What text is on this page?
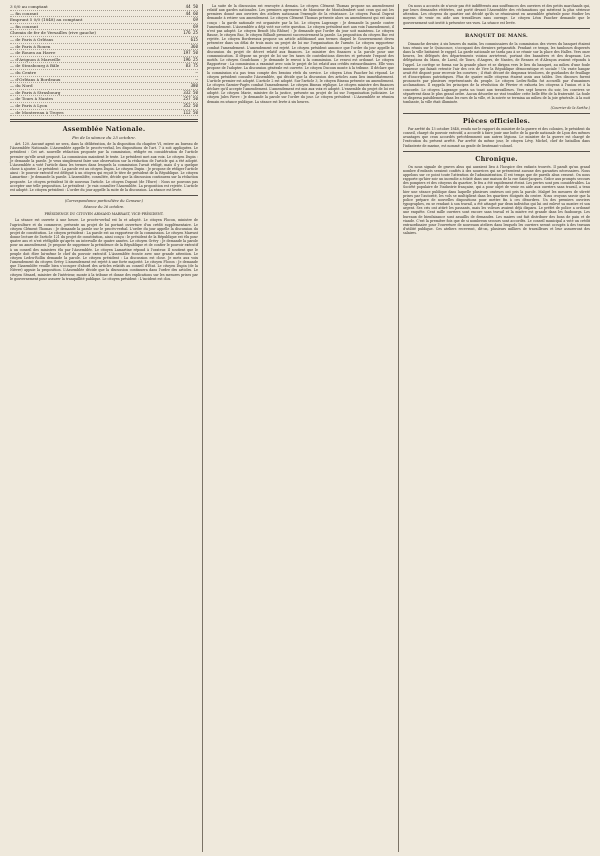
3 0/0 au comptant	44 50
— fin courant	44 60
Emprunt 5 0/0 (1848) au comptant	69
— fin courant	69
Chemin de fer de Versailles (rive gauche)	176 25
— de Paris à Orléans	615
— de Paris à Rouen	360
— de Rouen au Havre	197 50
— d'Avignon à Marseille	196 25
— de Strasbourg à Bâle	83 75
— du Centre	—
— d'Orléans à Bordeaux	—
— du Nord	380
— de Paris à Strasbourg	332 50
— de Tours à Nantes	257 50
— de Paris à Lyon	352 50
— de Montereau à Troyes	112 50
Assemblée Nationale.
Fin de la séance du 25 octobre.

Art. 120. Aucuné agent ne sera, dans la délibération, de la disposition du chapitre VI, entrer au bureau de l'Assemblée Nationale. L'Assemblée appelle le procès-verbal, les dispositions de l'art. 7 à soit appliquées. Le président : Cet art. nouvelle rédaction proposée par la commission, rédigée en considération de l'article premier qu'elle avait proposé. La commission maintient le texte. Le président met aux voix. Le citoyen Dupin : Je demande la parole. Je veux simplement faire une observation sur la rédaction de l'article qui a été adopté. L'Assemblée a voté l'article dans les termes dans lesquels la commission l'avait rédigé, mais il y a quelque chose à ajouter. Le président : La parole est au citoyen Dupin. Le citoyen Dupin : Je propose de rédiger l'article ainsi : le pouvoir exécutif est délégué à un citoyen qui reçoit le titre de président de la République. Le citoyen Lamartine : Je demande la parole. L'Assemblée, consultée, décide que la discussion continuera sur la rédaction proposée. Le citoyen président lit de nouveau l'article. Le citoyen Dupont (de l'Eure) : Nous ne pouvons pas accepter une telle proposition. Le président : Je vais consulter l'Assemblée. La proposition est rejetée. L'article est adopté. Le citoyen président : L'ordre du jour appelle la suite de la discussion. La séance est levée.

(Correspondance particulière du Censeur.)
Séance du 26 octobre.
PRÉSIDENCE DU CITOYEN ARMAND MARRAST, VICE-PRÉSIDENT.

La séance est ouverte à une heure. Le procès-verbal est lu et adopté. Le citoyen Flocon, ministre de l'agriculture et du commerce, présente un projet de loi portant ouverture d'un crédit supplémentaire. Le citoyen Clément Thomas : Je demande la parole sur le procès-verbal. L'ordre du jour appelle la discussion du projet de constitution. Le citoyen président : La parole est au rapporteur de la commission. Le citoyen Marrast donne lecture de l'article 121 du projet de constitution, ainsi conçu : le président de la République est élu pour quatre ans et n'est rééligible qu'après un intervalle de quatre années. Le citoyen Grévy : Je demande la parole pour un amendement. Je propose de supprimer la présidence de la République et de confier le pouvoir exécutif à un conseil des ministres élu par l'Assemblée. Le citoyen Lamartine répond à l'orateur. Il soutient que le peuple doit élire lui-même le chef du pouvoir exécutif. L'Assemblée écoute avec une grande attention. Le citoyen Ledru-Rollin demande la parole. Le citoyen président : La discussion est close. Je mets aux voix l'amendement du citoyen Grévy. L'amendement est rejeté à une forte majorité. Le citoyen Flocon : Je demande que l'Assemblée veuille bien s'occuper d'abord des articles relatifs au conseil d'État. Le citoyen Dupin (de la Nièvre) appuie la proposition. L'Assemblée décide que la discussion continuera dans l'ordre des articles. Le citoyen Sénard, ministre de l'intérieur, monte à la tribune et donne des explications sur les mesures prises par le gouvernement pour assurer la tranquillité publique. Le citoyen président : L'incident est clos.

La suite de la discussion est renvoyée à demain. Le citoyen Clément Thomas propose un amendement relatif aux gardes nationales. Les premiers agresseurs de Monsieur de Montalembert sont ceux qui ont les premiers donné aux ouvriers des ateliers nationaux l'exemple de la résistance. Le citoyen Pascal Duprat demande à retirer son amendement. Le citoyen Clément Thomas présente alors un amendement qui est ainsi conçu : la garde nationale est organisée par la loi. Le citoyen Lagrange : Je demande la parole contre l'amendement. L'Assemblée a déjà voté sur cette question. Le citoyen président met aux voix l'amendement, il n'est pas adopté. Le citoyen Benoît (du Rhône) : Je demande que l'ordre du jour soit maintenu. Le citoyen Baune, le citoyen Bac, le citoyen Billault prennent successivement la parole. La proposition du citoyen Bac est rejetée. Le citoyen Bordereaux propose un article additionnel aux termes duquel le Gouvernement devra présenter dans un délai de trois mois un projet de loi sur l'organisation de l'armée. Le citoyen rapporteur combat l'amendement. L'amendement est rejeté. Le citoyen président annonce que l'ordre du jour appelle la discussion du projet de décret relatif aux finances. Le ministre des finances a la parole pour une communication. Il dépose un projet de loi sur les taxes de contributions directes et présente l'exposé des motifs. Le citoyen Goudchaux : Je demande le renvoi à la commission. Le renvoi est ordonné. Le citoyen Rapporteur : La commission a examiné avec soin le projet de loi relatif aux crédits extraordinaires. Elle vous propose de l'adopter. La discussion générale est ouverte. Le citoyen Ducoux monte à la tribune. Il déclare que la commission n'a pas tenu compte des besoins réels du service. Le citoyen Léon Faucher lui répond. Le citoyen président consulte l'Assemblée, qui décide que la discussion des articles aura lieu immédiatement. L'article premier est adopté. L'article 2 est adopté. Sur l'article 3, le citoyen Bineau présente un amendement. Le citoyen Garnier-Pagès combat l'amendement. Le citoyen Bineau réplique. Le citoyen ministre des finances déclare qu'il accepte l'amendement. L'amendement est mis aux voix et adopté. L'ensemble du projet de loi est adopté. Le citoyen Marie, ministre de la justice, présente un projet de loi sur l'organisation judiciaire. Le citoyen Jules Favre : Je demande la parole sur l'ordre du jour. Le citoyen président : L'Assemblée se réunira demain en séance publique. La séance est levée à six heures.

On nous a accusés de n'avoir pas été indifférents aux souffrances des ouvriers et des petits marchands qui, par leurs demandes réitérées, ont porté devant l'Assemblée des réclamations qui méritent la plus sérieuse attention. Les citoyens du quartier ont décidé qu'ils se réuniraient en assemblée générale pour étudier les moyens de venir en aide aux travailleurs sans ouvrage. Le citoyen Léon Faucher demande que le gouvernement soit invité à présenter ses vues. La séance est levée.

BANQUET DE MANS.

Dimanche dernier, à six heures du matin, les commissaires de la commission des vivres du banquet étaient tous réunis sur le Quinconce, s'occupant des derniers préparatifs. Pendant ce temps, les tambours dispersés dans la ville battaient le rappel. La garde nationale ne tarda pas à se réunir sur la place des Halles. Vers onze heures, les délégués des départements voisins arrivèrent, portant des bannières et des drapeaux. Les délégations du Mans, de Laval, de Tours, d'Angers, de Nantes, de Rennes et d'Alençon avaient répondu à l'appel. Le cortège se forma sur la grande place et se dirigea vers le lieu du banquet, au milieu d'une foule immense qui faisait retentir l'air des cris de Vive la République démocratique et sociale ! Un vaste hangar avait été disposé pour recevoir les convives ; il était décoré de drapeaux tricolores, de guirlandes de feuillage et d'inscriptions patriotiques. Plus de quatre mille citoyens étaient assis aux tables. Des discours furent prononcés par plusieurs représentants du peuple. Le citoyen Ledru-Rollin fut accueilli par d'unanimes acclamations. Il rappela les principes de la révolution de Février et exhorta les citoyens à l'union et à la concorde. Le citoyen Lagrange porta un toast aux travailleurs. Vers sept heures du soir, les convives se séparèrent dans le plus grand ordre. Aucun désordre ne vint troubler cette belle fête de la fraternité. La foule se dispersa paisiblement dans les rues de la ville, et la soirée se termina au milieu de la joie générale. A la nuit tombante, la ville était illuminée.

(Courrier de la Sarthe.)
Pièces officielles.

Par arrêté du 13 octobre 1848, rendu sur le rapport du ministre de la guerre et des colonies, le président du conseil, chargé du pouvoir exécutif, a accordé à faire jouir une boîte de la garde nationale de Lyon des mêmes avantages que ceux accordés précédemment aux autres légions. Le ministre de la guerre est chargé de l'exécution du présent arrêté. Par arrêté du même jour, le citoyen Lévy, Michel, chef de bataillon dans l'infanterie de marine, est nommé au grade de lieutenant-colonel.

Chronique.

On nous signale de graves abus qui auraient lieu à l'hospice des enfants trouvés. Il paraît qu'un grand nombre d'enfants seraient confiés à des nourrices qui ne présentent aucune des garanties nécessaires. Nous appelons sur ce point toute l'attention de l'administration. Il est temps que de pareils abus cessent. On nous rapporte qu'hier soir un incendie a éclaté dans une maison de la rue Saint-Jacques. Grâce aux prompts secours des pompiers et des citoyens du quartier, le feu a été rapidement éteint. Les pertes sont peu considérables. La Société populaire de l'industrie française, qui a pour objet de venir en aide aux ouvriers sans travail, a tenu hier une séance publique dans laquelle plusieurs orateurs ont pris la parole. Malgré les mesures de sûreté prises par l'autorité, les vols se multiplient dans les quartiers éloignés du centre. Nous croyons savoir que la police prépare de nouvelles dispositions pour mettre fin à ces désordres. Un des premiers ouvriers typographes, en se rendant à son travail, a été attaqué par deux individus qui lui ont enlevé sa montre et son argent. Ses cris ont attiré les passants, mais les voleurs avaient déjà disparu. Le préfet de police a ordonné une enquête. Cent mille ouvriers sont encore sans travail et la misère est grande dans les faubourgs. Les bureaux de bienfaisance sont assaillis de demandes. Les maires ont fait distribuer des bons de pain et de viande. C'est la première fois que de si nombreux secours sont accordés. Le conseil municipal a voté un crédit extraordinaire pour l'ouverture de nouveaux ateliers dans lesquels les ouvriers seront occupés à des travaux d'utilité publique. Ces ateliers recevront, dit-on, plusieurs milliers de travailleurs et leur assureront des salaires.
